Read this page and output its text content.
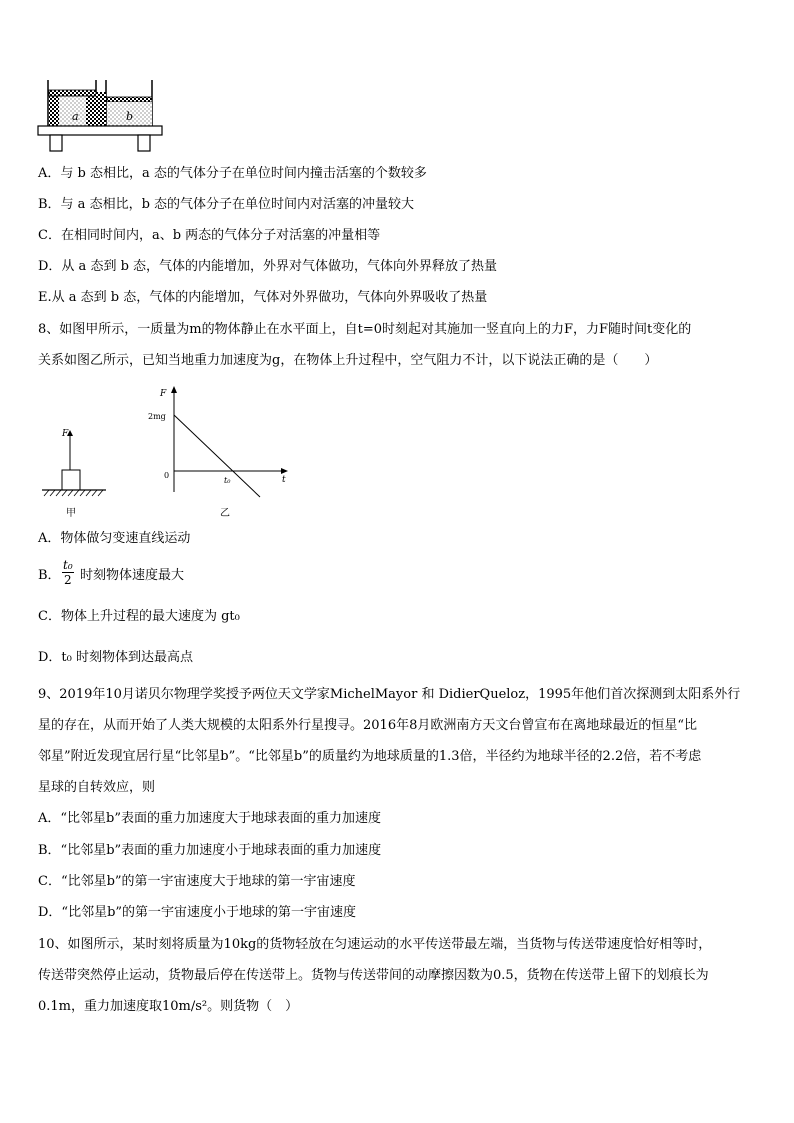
a	b
A．与 b 态相比，a 态的气体分子在单位时间内撞击活塞的个数较多
B．与 a 态相比，b 态的气体分子在单位时间内对活塞的冲量较大
C．在相同时间内，a、b 两态的气体分子对活塞的冲量相等
D．从 a 态到 b 态，气体的内能增加，外界对气体做功，气体向外界释放了热量
E.从 a 态到 b 态，气体的内能增加，气体对外界做功，气体向外界吸收了热量
8、如图甲所示，一质量为m的物体静止在水平面上，自t=0时刻起对其施加一竖直向上的力F，力F随时间t变化的
关系如图乙所示，已知当地重力加速度为g，在物体上升过程中，空气阻力不计，以下说法正确的是（　　）
F
甲
F
t
2mg
0
t₀
乙
A．物体做匀变速直线运动
B． $\frac{\text{t₀}}{2}$ 时刻物体速度最大
C．物体上升过程的最大速度为 gt₀
D．t₀ 时刻物体到达最高点
9、2019年10月诺贝尔物理学奖授予两位天文学家MichelMayor 和 DidierQueloz，1995年他们首次探测到太阳系外行
星的存在，从而开始了人类大规模的太阳系外行星搜寻。2016年8月欧洲南方天文台曾宣布在离地球最近的恒星“比
邻星”附近发现宜居行星“比邻星b”。“比邻星b”的质量约为地球质量的1.3倍，半径约为地球半径的2.2倍，若不考虑
星球的自转效应，则
A．“比邻星b”表面的重力加速度大于地球表面的重力加速度
B．“比邻星b”表面的重力加速度小于地球表面的重力加速度
C．“比邻星b”的第一宇宙速度大于地球的第一宇宙速度
D．“比邻星b”的第一宇宙速度小于地球的第一宇宙速度
10、如图所示，某时刻将质量为10kg的货物轻放在匀速运动的水平传送带最左端，当货物与传送带速度恰好相等时，
传送带突然停止运动，货物最后停在传送带上。货物与传送带间的动摩擦因数为0.5，货物在传送带上留下的划痕长为
0.1m，重力加速度取10m/s²。则货物（　）
